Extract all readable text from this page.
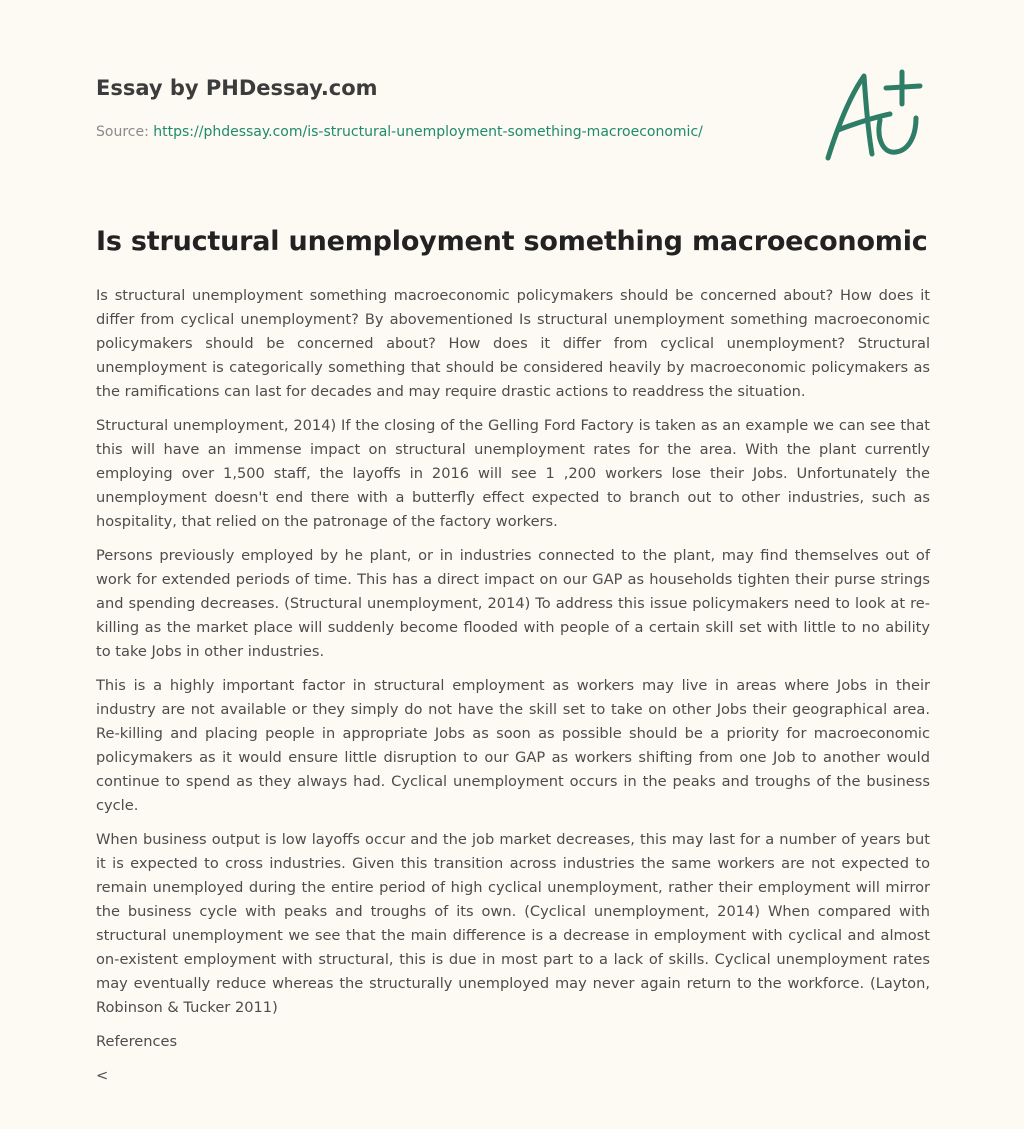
Essay by PHDessay.com
Source: https://phdessay.com/is-structural-unemployment-something-macroeconomic/
Is structural unemployment something macroeconomic

Is structural unemployment something macroeconomic policymakers should be concerned about? How does it differ from cyclical unemployment? By abovementioned Is structural unemployment something macroeconomic policymakers should be concerned about? How does it differ from cyclical unemployment? Structural unemployment is categorically something that should be considered heavily by macroeconomic policymakers as the ramifications can last for decades and may require drastic actions to readdress the situation.

Structural unemployment, 2014) If the closing of the Gelling Ford Factory is taken as an example we can see that this will have an immense impact on structural unemployment rates for the area. With the plant currently employing over 1,500 staff, the layoffs in 2016 will see 1 ,200 workers lose their Jobs. Unfortunately the unemployment doesn't end there with a butterfly effect expected to branch out to other industries, such as hospitality, that relied on the patronage of the factory workers.

Persons previously employed by he plant, or in industries connected to the plant, may find themselves out of work for extended periods of time. This has a direct impact on our GAP as households tighten their purse strings and spending decreases. (Structural unemployment, 2014) To address this issue policymakers need to look at re-killing as the market place will suddenly become flooded with people of a certain skill set with little to no ability to take Jobs in other industries.

This is a highly important factor in structural employment as workers may live in areas where Jobs in their industry are not available or they simply do not have the skill set to take on other Jobs their geographical area. Re-killing and placing people in appropriate Jobs as soon as possible should be a priority for macroeconomic policymakers as it would ensure little disruption to our GAP as workers shifting from one Job to another would continue to spend as they always had. Cyclical unemployment occurs in the peaks and troughs of the business cycle.

When business output is low layoffs occur and the job market decreases, this may last for a number of years but it is expected to cross industries. Given this transition across industries the same workers are not expected to remain unemployed during the entire period of high cyclical unemployment, rather their employment will mirror the business cycle with peaks and troughs of its own. (Cyclical unemployment, 2014) When compared with structural unemployment we see that the main difference is a decrease in employment with cyclical and almost on-existent employment with structural, this is due in most part to a lack of skills. Cyclical unemployment rates may eventually reduce whereas the structurally unemployed may never again return to the workforce. (Layton, Robinson & Tucker 2011)

References
<
